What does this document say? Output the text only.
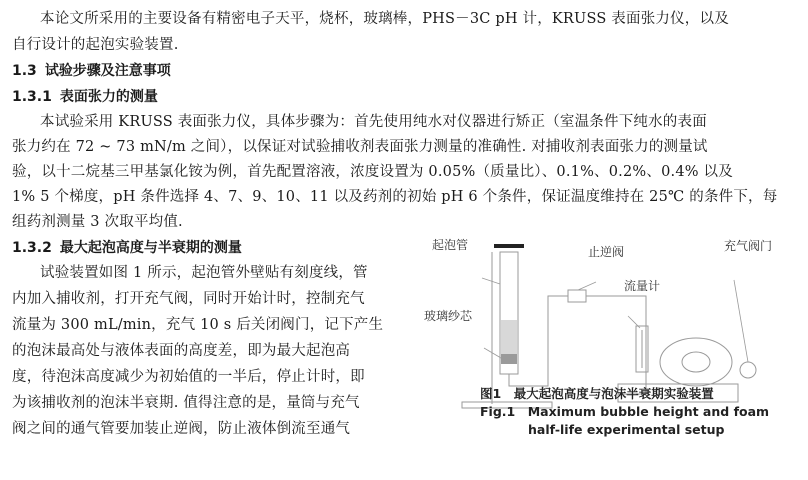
本论文所采用的主要设备有精密电子天平，烧杯，玻璃棒，PHS－3C pH 计，KRUSS 表面张力仪，以及
自行设计的起泡实验装置.
1.3 试验步骤及注意事项
1.3.1 表面张力的测量
本试验采用 KRUSS 表面张力仪，具体步骤为：首先使用纯水对仪器进行矫正（室温条件下纯水的表面
张力约在 72 ~ 73 mN/m 之间），以保证对试验捕收剂表面张力测量的准确性. 对捕收剂表面张力的测量试
验，以十二烷基三甲基氯化铵为例，首先配置溶液，浓度设置为 0.05%（质量比）、0.1%、0.2%、0.4% 以及
1% 5 个梯度，pH 条件选择 4、7、9、10、11 以及药剂的初始 pH 6 个条件，保证温度维持在 25℃ 的条件下，每
组药剂测量 3 次取平均值.
1.3.2 最大起泡高度与半衰期的测量
试验装置如图 1 所示，起泡管外壁贴有刻度线，管
内加入捕收剂，打开充气阀，同时开始计时，控制充气
流量为 300 mL/min，充气 10 s 后关闭阀门，记下产生
的泡沫最高处与液体表面的高度差，即为最大起泡高
度，待泡沫高度减少为初始值的一半后，停止计时，即
为该捕收剂的泡沫半衰期. 值得注意的是，量筒与充气
阀之间的通气管要加装止逆阀，防止液体倒流至通气
起泡管	止逆阀	充气阀门
流量计
玻璃纱芯
图1　最大起泡高度与泡沫半衰期实验装置
Fig.1　Maximum bubble height and foam
half-life experimental setup
